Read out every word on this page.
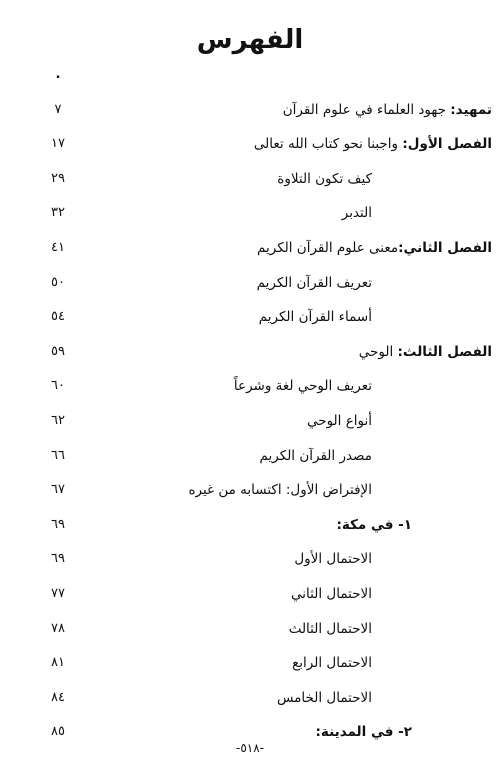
الفهرس
.
تمهيد: جهود العلماء في علوم القرآن
٧
الفصل الأول: واجبنا نحو كتاب الله تعالى
١٧
كيف تكون التلاوة
٢٩
التدبر
٣٢
الفصل الثاني:معنى علوم القرآن الكريم
٤١
تعريف القرآن الكريم
٥٠
أسماء القرآن الكريم
٥٤
الفصل الثالث: الوحي
٥٩
تعريف الوحي لغة وشرعاً
٦٠
أنواع الوحي
٦٢
مصدر القرآن الكريم
٦٦
الإفتراض الأول: اكتسابه من غيره
٦٧
١- في مكة:
٦٩
الاحتمال الأول
٦٩
الاحتمال الثاني
٧٧
الاحتمال الثالث
٧٨
الاحتمال الرابع
٨١
الاحتمال الخامس
٨٤
٢- في المدينة:
٨٥
-٥١٨-
